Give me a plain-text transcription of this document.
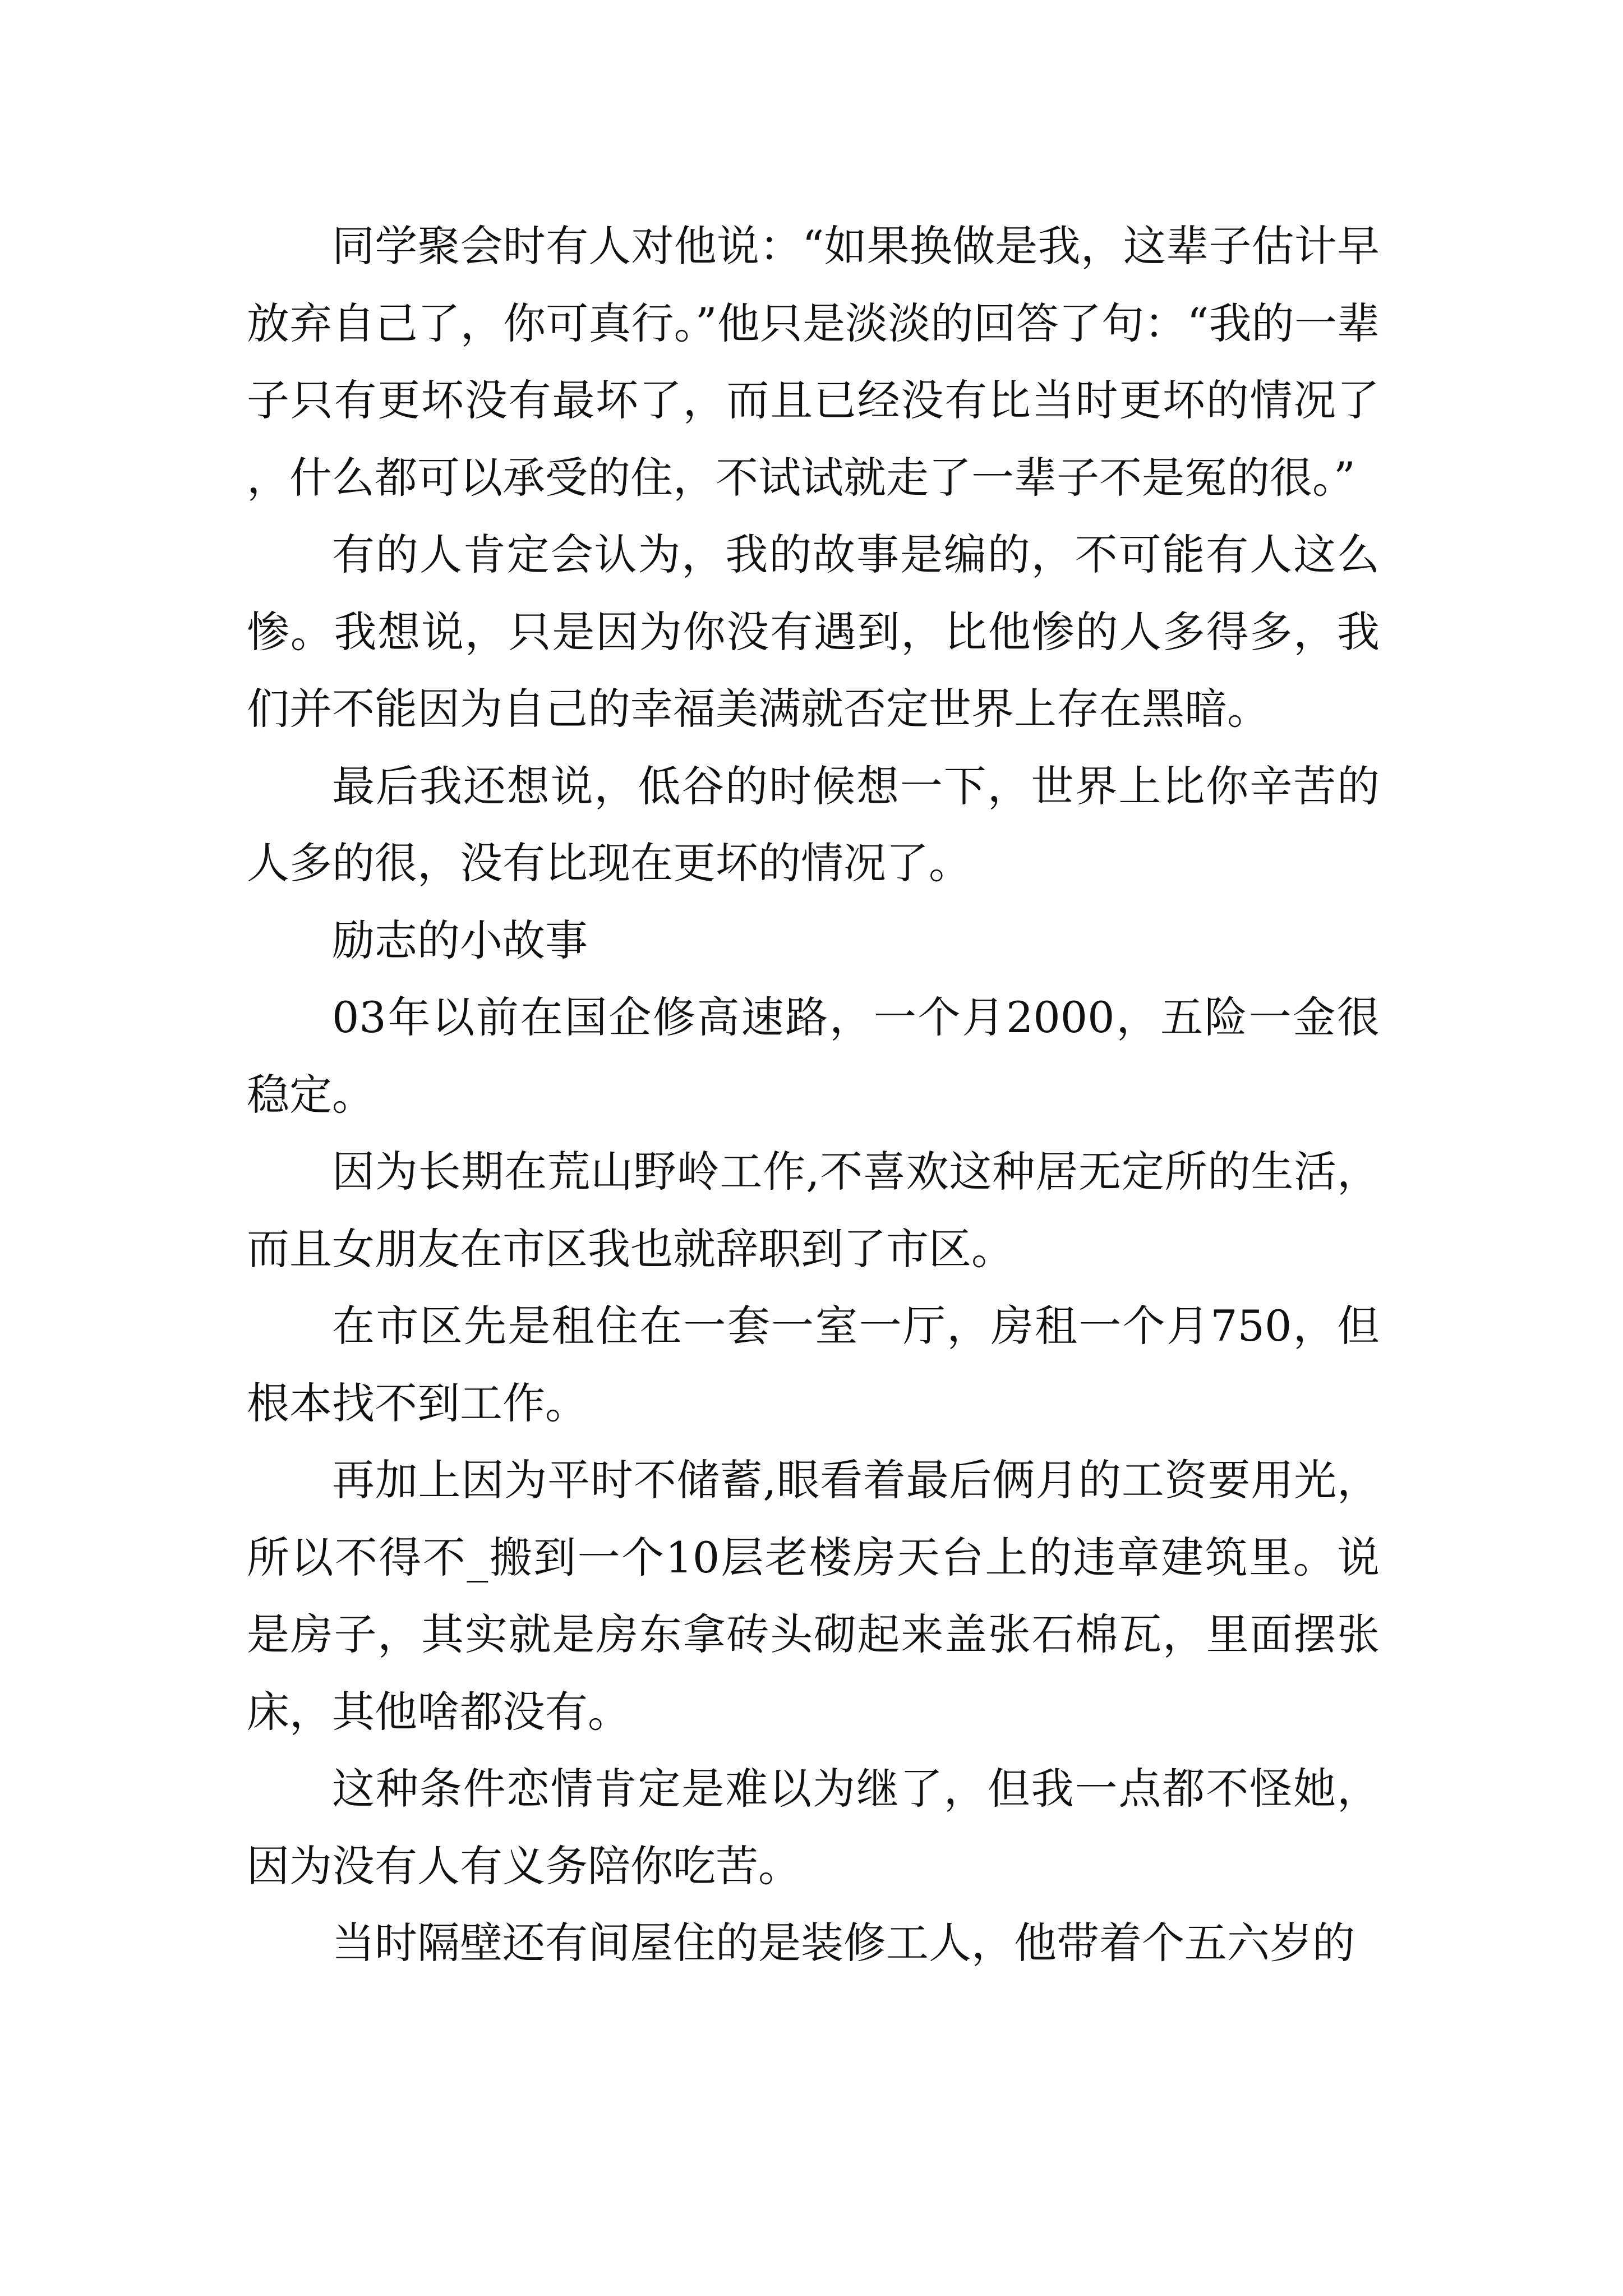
同学聚会时有人对他说：“如果换做是我，这辈子估计早放弃自己了，你可真行。”他只是淡淡的回答了句：“我的一辈子只有更坏没有最坏了，而且已经没有比当时更坏的情况了，什么都可以承受的住，不试试就走了一辈子不是冤的很。”

有的人肯定会认为，我的故事是编的，不可能有人这么惨。我想说，只是因为你没有遇到，比他惨的人多得多，我们并不能因为自己的幸福美满就否定世界上存在黑暗。

最后我还想说，低谷的时候想一下，世界上比你辛苦的人多的很，没有比现在更坏的情况了。

励志的小故事

03年以前在国企修高速路，一个月2000，五险一金很稳定。

因为长期在荒山野岭工作,不喜欢这种居无定所的生活，而且女朋友在市区我也就辞职到了市区。

在市区先是租住在一套一室一厅，房租一个月750，但根本找不到工作。

再加上因为平时不储蓄,眼看着最后俩月的工资要用光，所以不得不_搬到一个10层老楼房天台上的违章建筑里。说是房子，其实就是房东拿砖头砌起来盖张石棉瓦，里面摆张床，其他啥都没有。

这种条件恋情肯定是难以为继了，但我一点都不怪她，因为没有人有义务陪你吃苦。

当时隔壁还有间屋住的是装修工人，他带着个五六岁的
